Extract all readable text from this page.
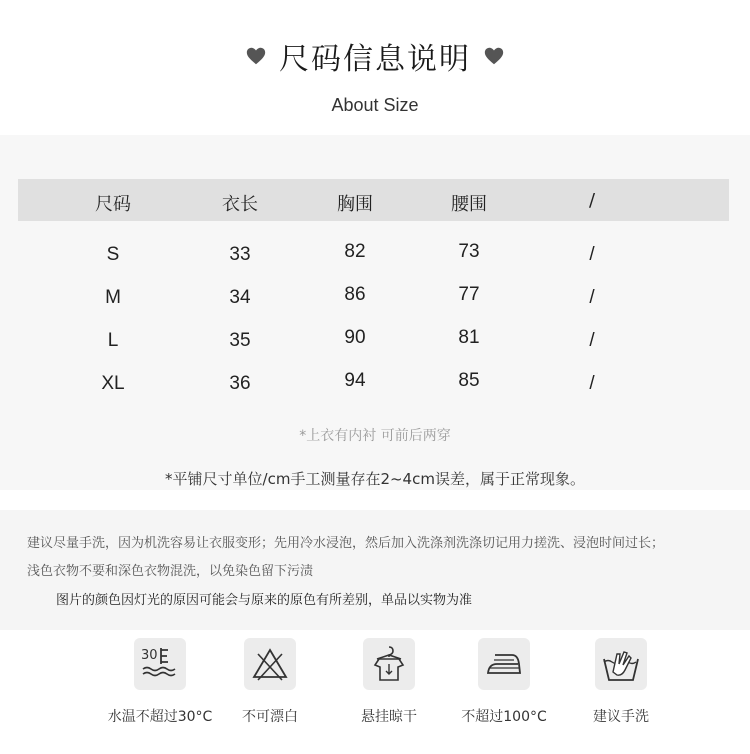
尺码信息说明
About Size
尺码	衣长	胸围	腰围	/
S	33	82	73	/
M	34	86	77	/
L	35	90	81	/
XL	36	94	85	/
*上衣有内衬 可前后两穿
*平铺尺寸单位/cm手工测量存在2~4cm误差，属于正常现象。

建议尽量手洗，因为机洗容易让衣服变形；先用冷水浸泡，然后加入洗涤剂洗涤切记用力搓洗、浸泡时间过长；

浅色衣物不要和深色衣物混洗，以免染色留下污渍

图片的颜色因灯光的原因可能会与原来的原色有所差别，单品以实物为准

30
水温不超过30°C	不可漂白	悬挂晾干	不超过100°C	建议手洗
